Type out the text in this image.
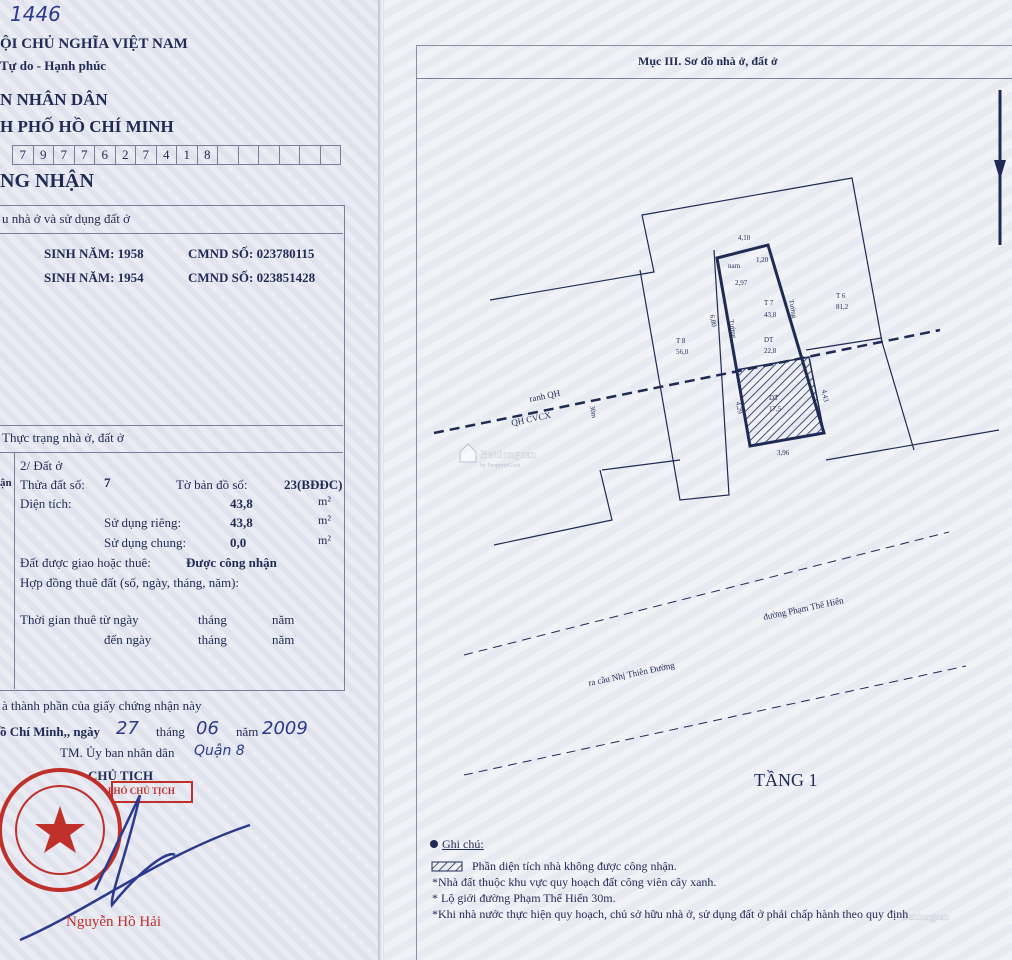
1446
ỘI CHỦ NGHĨA VIỆT NAM
Tự do - Hạnh phúc
N NHÂN DÂN
H PHỐ HỒ CHÍ MINH
7	9	7	7	6	2	7	4	1	8
NG NHẬN
u nhà ở và sử dụng đất ở
SINH NĂM: 1958	CMND SỐ: 023780115
SINH NĂM: 1954	CMND SỐ: 023851428
Thực trạng nhà ở, đất ở
ận
2/ Đất ở
Thửa đất số: 7	Tờ bản đồ số:	23(BĐĐC)
Diện tích:	43,8	m²
Sử dụng riêng:	43,8	m²
Sử dụng chung:	0,0	m²
Đất được giao hoặc thuê:	Được công nhận
Hợp đồng thuê đất (số, ngày, tháng, năm):
Thời gian thuê từ ngày	tháng	năm
đến ngày	tháng	năm
à thành phần của giấy chứng nhận này
ồ Chí Minh,, ngày 27 tháng 06 năm 2009
TM. Ủy ban nhân dân Quận 8
CHỦ TỊCH
PHÓ CHỦ TỊCH
Nguyễn Hồ Hải
Mục III. Sơ đồ nhà ở, đất ở
4,10
2,97
1,20
nam
6,80
4,29
4,43
3,96
Tường
Tường
T 7
43,8
T 8
56,0
T 6
81,2
DT
22,8
DT
17,5
30m
đường Phạm Thế Hiển
ranh QH
QH CVCX
ra cầu Nhị Thiên Đường
Batdongsan
by PropertyGuru
Batdongsan
TẦNG 1
Ghi chú:
Phần diện tích nhà không được công nhận.
*Nhà đất thuộc khu vực quy hoạch đất công viên cây xanh.
* Lộ giới đường Phạm Thế Hiển 30m.
*Khi nhà nước thực hiện quy hoạch, chủ sở hữu nhà ở, sử dụng đất ở phải chấp hành theo quy định
